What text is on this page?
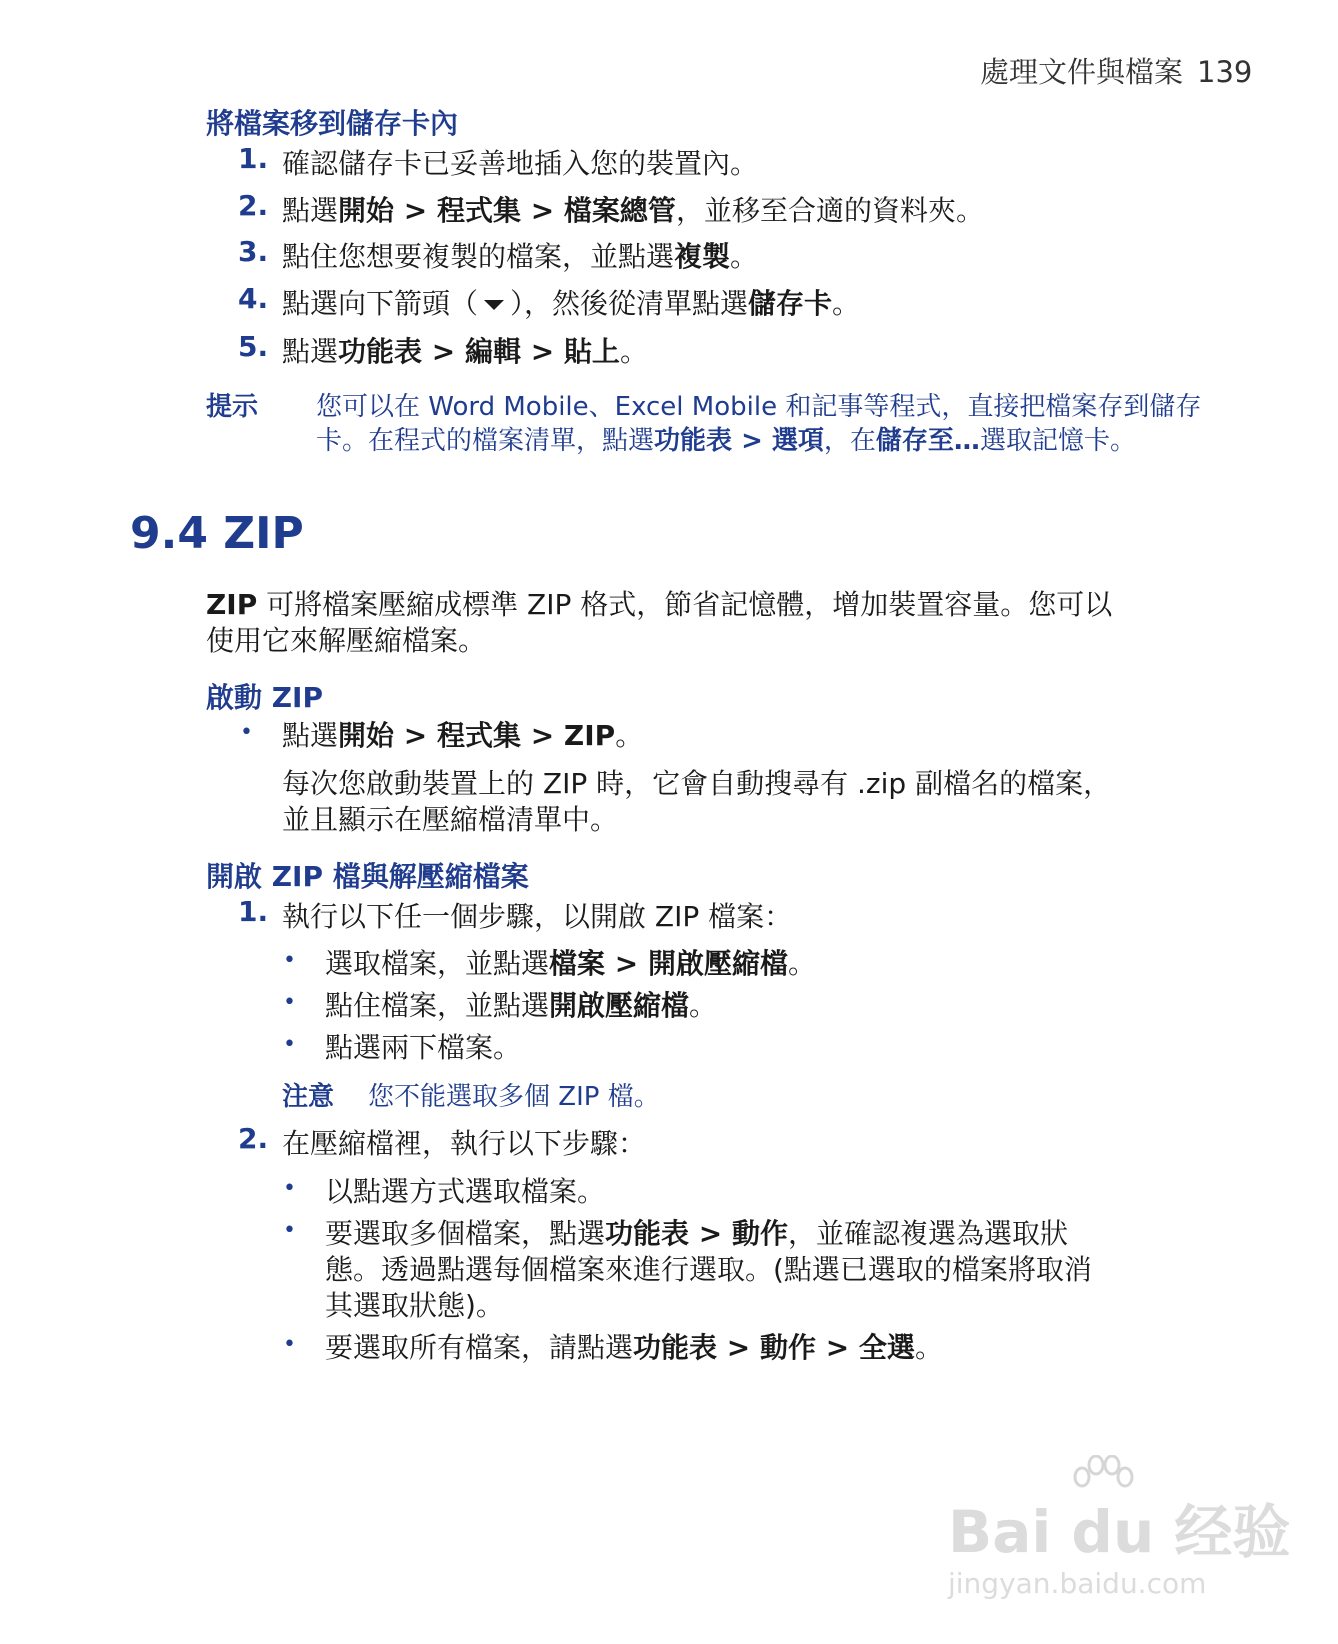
處理文件與檔案 139
將檔案移到儲存卡內
1. 確認儲存卡已妥善地插入您的裝置內。
2. 點選開始 > 程式集 > 檔案總管，並移至合適的資料夾。
3. 點住您想要複製的檔案，並點選複製。
4. 點選向下箭頭（ ），然後從清單點選儲存卡。
5. 點選功能表 > 編輯 > 貼上。
提示 您可以在 Word Mobile、Excel Mobile 和記事等程式，直接把檔案存到儲存
卡。在程式的檔案清單，點選功能表 > 選項，在儲存至…選取記憶卡。
9.4 ZIP
ZIP 可將檔案壓縮成標準 ZIP 格式，節省記憶體，增加裝置容量。您可以
使用它來解壓縮檔案。
啟動 ZIP
• 點選開始 > 程式集 > ZIP。
每次您啟動裝置上的 ZIP 時，它會自動搜尋有 .zip 副檔名的檔案，
並且顯示在壓縮檔清單中。
開啟 ZIP 檔與解壓縮檔案
1. 執行以下任一個步驟，以開啟 ZIP 檔案：
• 選取檔案，並點選檔案 > 開啟壓縮檔。
• 點住檔案，並點選開啟壓縮檔。
• 點選兩下檔案。
注意 您不能選取多個 ZIP 檔。
2. 在壓縮檔裡，執行以下步驟：
• 以點選方式選取檔案。
• 要選取多個檔案，點選功能表 > 動作，並確認複選為選取狀
態。透過點選每個檔案來進行選取。(點選已選取的檔案將取消
其選取狀態)。
• 要選取所有檔案，請點選功能表 > 動作 > 全選。
Bai du 经验
jingyan.baidu.com
